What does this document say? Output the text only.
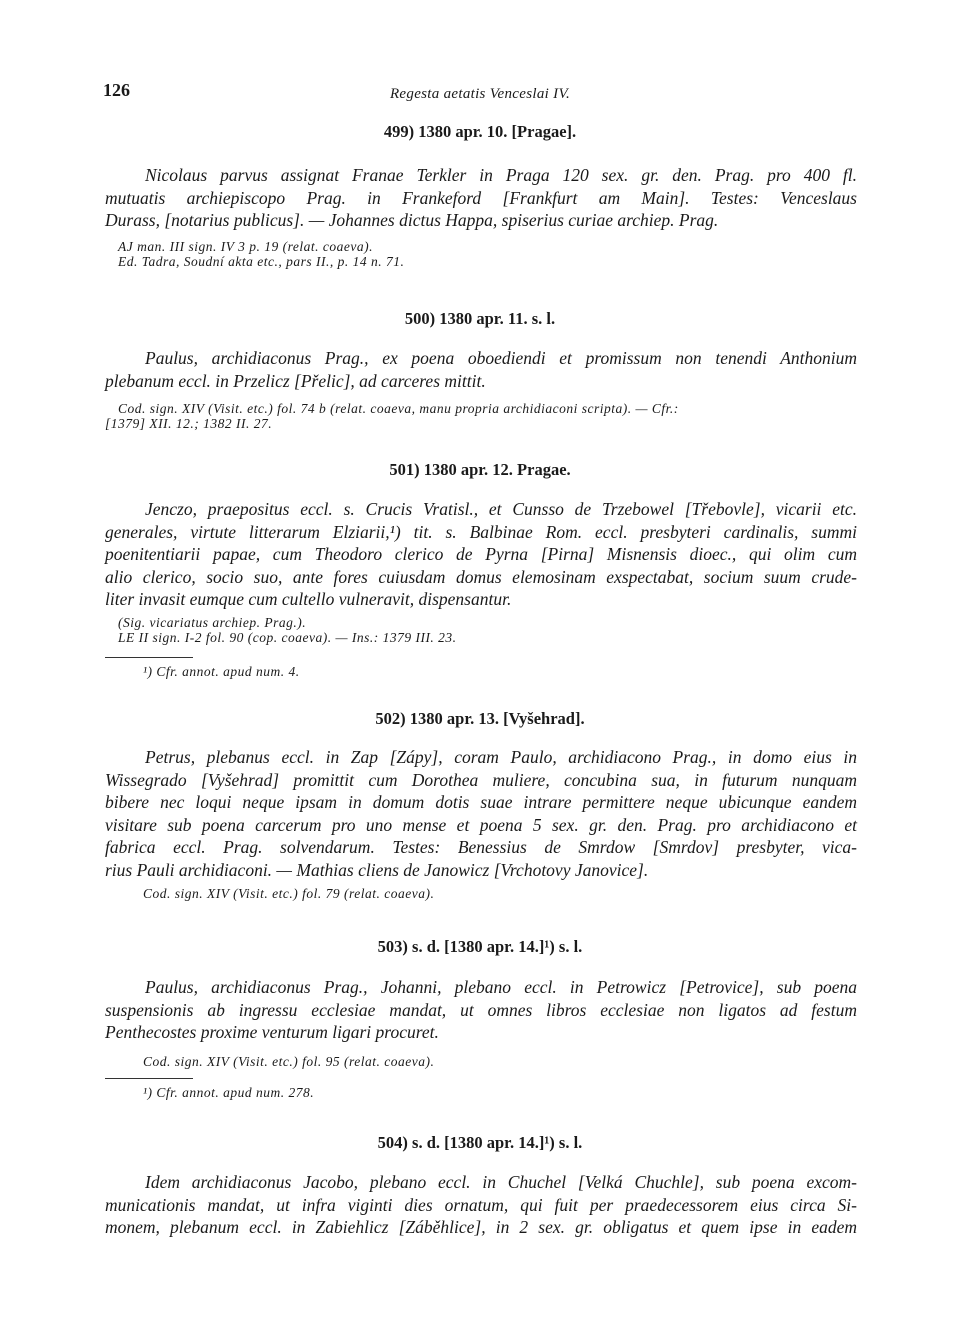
126	Regesta aetatis Venceslai IV.
499) 1380 apr. 10. [Pragae].
Nicolaus parvus assignat Franae Terkler in Praga 120 sex. gr. den. Prag. pro 400 fl.
mutuatis archiepiscopo Prag. in Frankeford [Frankfurt am Main]. Testes: Venceslaus
Durass, [notarius publicus]. — Johannes dictus Happa, spiserius curiae archiep. Prag.
AJ man. III sign. IV 3 p. 19 (relat. coaeva).
Ed. Tadra, Soudní akta etc., pars II., p. 14 n. 71.
500) 1380 apr. 11. s. l.
Paulus, archidiaconus Prag., ex poena oboediendi et promissum non tenendi Anthonium
plebanum eccl. in Przelicz [Přelic], ad carceres mittit.
Cod. sign. XIV (Visit. etc.) fol. 74 b (relat. coaeva, manu propria archidiaconi scripta). — Cfr.:
[1379] XII. 12.; 1382 II. 27.
501) 1380 apr. 12. Pragae.
Jenczo, praepositus eccl. s. Crucis Vratisl., et Cunsso de Trzebowel [Třebovle], vicarii etc.
generales, virtute litterarum Elziarii,¹) tit. s. Balbinae Rom. eccl. presbyteri cardinalis, summi
poenitentiarii papae, cum Theodoro clerico de Pyrna [Pirna] Misnensis dioec., qui olim cum
alio clerico, socio suo, ante fores cuiusdam domus elemosinam exspectabat, socium suum crude-
liter invasit eumque cum cultello vulneravit, dispensantur.
(Sig. vicariatus archiep. Prag.).
LE II sign. I-2 fol. 90 (cop. coaeva). — Ins.: 1379 III. 23.
¹) Cfr. annot. apud num. 4.
502) 1380 apr. 13. [Vyšehrad].
Petrus, plebanus eccl. in Zap [Zápy], coram Paulo, archidiacono Prag., in domo eius in
Wissegrado [Vyšehrad] promittit cum Dorothea muliere, concubina sua, in futurum nunquam
bibere nec loqui neque ipsam in domum dotis suae intrare permittere neque ubicunque eandem
visitare sub poena carcerum pro uno mense et poena 5 sex. gr. den. Prag. pro archidiacono et
fabrica eccl. Prag. solvendarum. Testes: Benessius de Smrdow [Smrdov] presbyter, vica-
rius Pauli archidiaconi. — Mathias cliens de Janowicz [Vrchotovy Janovice].
Cod. sign. XIV (Visit. etc.) fol. 79 (relat. coaeva).
503) s. d. [1380 apr. 14.]¹) s. l.
Paulus, archidiaconus Prag., Johanni, plebano eccl. in Petrowicz [Petrovice], sub poena
suspensionis ab ingressu ecclesiae mandat, ut omnes libros ecclesiae non ligatos ad festum
Penthecostes proxime venturum ligari procuret.
Cod. sign. XIV (Visit. etc.) fol. 95 (relat. coaeva).
¹) Cfr. annot. apud num. 278.
504) s. d. [1380 apr. 14.]¹) s. l.
Idem archidiaconus Jacobo, plebano eccl. in Chuchel [Velká Chuchle], sub poena excom-
municationis mandat, ut infra viginti dies ornatum, qui fuit per praedecessorem eius circa Si-
monem, plebanum eccl. in Zabiehlicz [Záběhlice], in 2 sex. gr. obligatus et quem ipse in eadem
